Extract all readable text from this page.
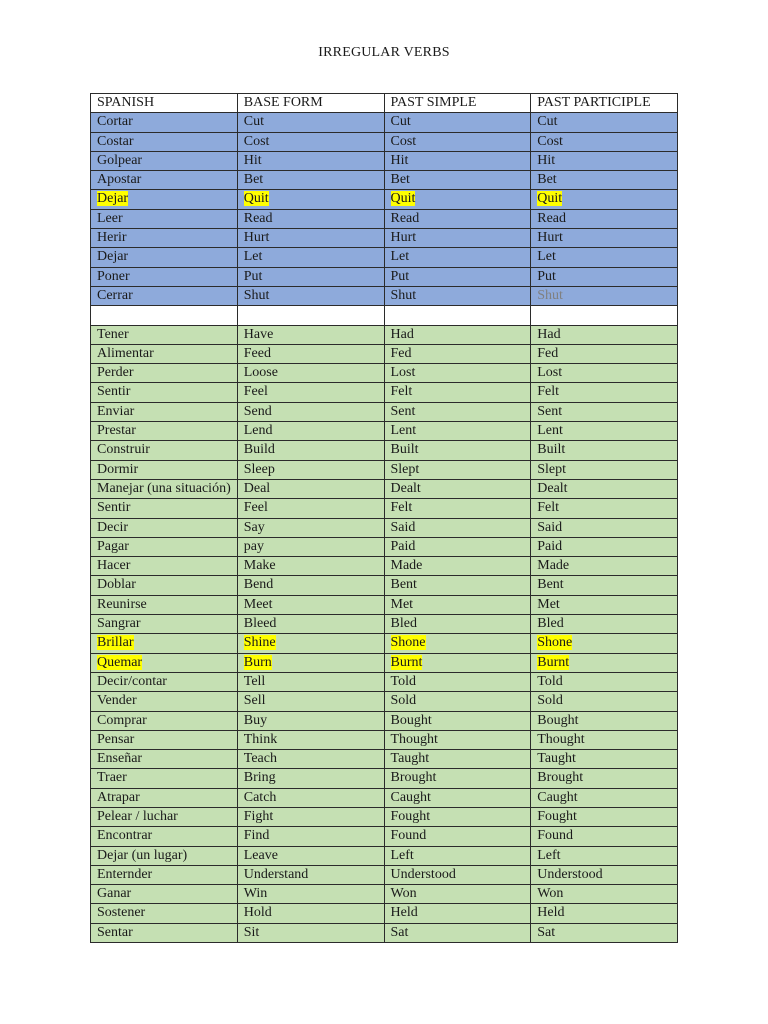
IRREGULAR VERBS
SPANISH	BASE FORM	PAST SIMPLE	PAST PARTICIPLE
Cortar	Cut	Cut	Cut
Costar	Cost	Cost	Cost
Golpear	Hit	Hit	Hit
Apostar	Bet	Bet	Bet
Dejar	Quit	Quit	Quit
Leer	Read	Read	Read
Herir	Hurt	Hurt	Hurt
Dejar	Let	Let	Let
Poner	Put	Put	Put
Cerrar	Shut	Shut	Shut

Tener	Have	Had	Had
Alimentar	Feed	Fed	Fed
Perder	Loose	Lost	Lost
Sentir	Feel	Felt	Felt
Enviar	Send	Sent	Sent
Prestar	Lend	Lent	Lent
Construir	Build	Built	Built
Dormir	Sleep	Slept	Slept
Manejar (una situación)	Deal	Dealt	Dealt
Sentir	Feel	Felt	Felt
Decir	Say	Said	Said
Pagar	pay	Paid	Paid
Hacer	Make	Made	Made
Doblar	Bend	Bent	Bent
Reunirse	Meet	Met	Met
Sangrar	Bleed	Bled	Bled
Brillar	Shine	Shone	Shone
Quemar	Burn	Burnt	Burnt
Decir/contar	Tell	Told	Told
Vender	Sell	Sold	Sold
Comprar	Buy	Bought	Bought
Pensar	Think	Thought	Thought
Enseñar	Teach	Taught	Taught
Traer	Bring	Brought	Brought
Atrapar	Catch	Caught	Caught
Pelear / luchar	Fight	Fought	Fought
Encontrar	Find	Found	Found
Dejar (un lugar)	Leave	Left	Left
Enternder	Understand	Understood	Understood
Ganar	Win	Won	Won
Sostener	Hold	Held	Held
Sentar	Sit	Sat	Sat
